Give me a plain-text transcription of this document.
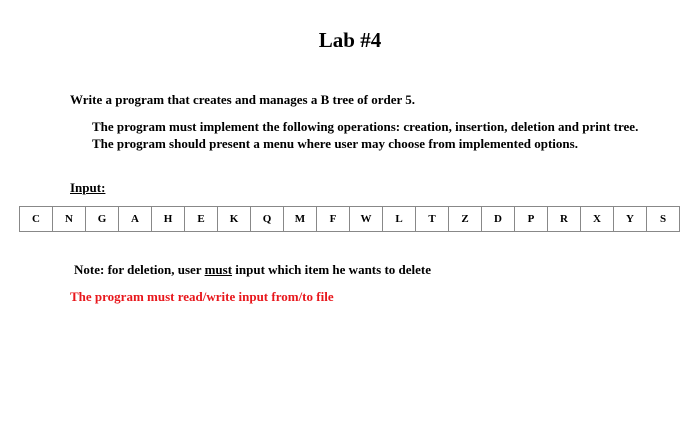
Lab #4
Write a program that creates and manages a B tree of order 5.
The program must implement the following operations: creation, insertion, deletion and print tree. The program should present a menu where user may choose from implemented options.
Input:
C	N	G	A	H	E	K	Q	M	F	W	L	T	Z	D	P	R	X	Y	S
Note: for deletion, user must input which item he wants to delete
The program must read/write input from/to file
